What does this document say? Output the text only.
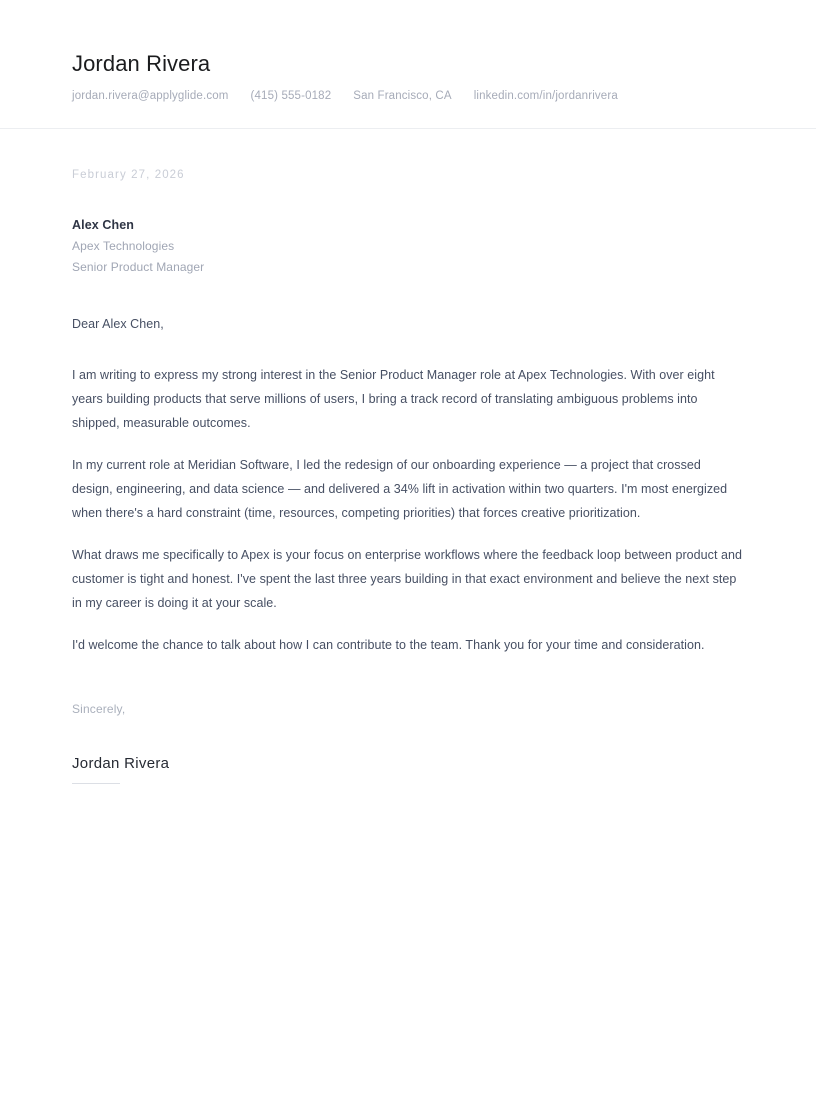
Jordan Rivera
jordan.rivera@applyglide.com (415) 555-0182 San Francisco, CA linkedin.com/in/jordanrivera
February 27, 2026

Alex Chen

Apex Technologies

Senior Product Manager

Dear Alex Chen,

I am writing to express my strong interest in the Senior Product Manager role at Apex Technologies. With over eight years building products that serve millions of users, I bring a track record of translating ambiguous problems into shipped, measurable outcomes.

In my current role at Meridian Software, I led the redesign of our onboarding experience — a project that crossed design, engineering, and data science — and delivered a 34% lift in activation within two quarters. I'm most energized when there's a hard constraint (time, resources, competing priorities) that forces creative prioritization.

What draws me specifically to Apex is your focus on enterprise workflows where the feedback loop between product and customer is tight and honest. I've spent the last three years building in that exact environment and believe the next step in my career is doing it at your scale.

I'd welcome the chance to talk about how I can contribute to the team. Thank you for your time and consideration.

Sincerely,

Jordan Rivera
